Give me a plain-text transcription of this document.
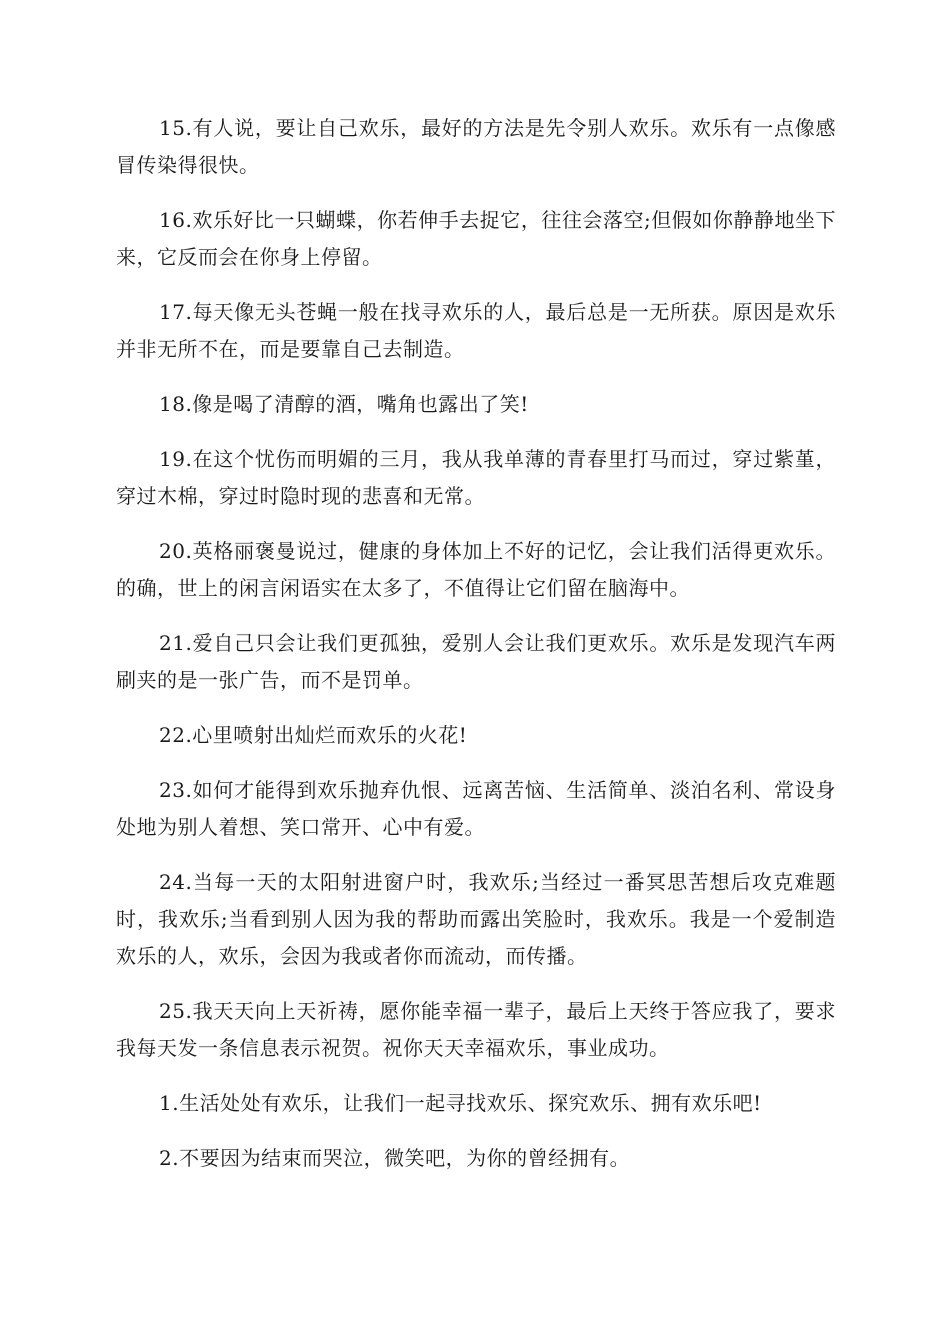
15.有人说，要让自己欢乐，最好的方法是先令别人欢乐。欢乐有一点像感冒传染得很快。

16.欢乐好比一只蝴蝶，你若伸手去捉它，往往会落空;但假如你静静地坐下来，它反而会在你身上停留。

17.每天像无头苍蝇一般在找寻欢乐的人，最后总是一无所获。原因是欢乐并非无所不在，而是要靠自己去制造。

18.像是喝了清醇的酒，嘴角也露出了笑!

19.在这个忧伤而明媚的三月，我从我单薄的青春里打马而过，穿过紫堇，穿过木棉，穿过时隐时现的悲喜和无常。

20.英格丽褒曼说过，健康的身体加上不好的记忆，会让我们活得更欢乐。的确，世上的闲言闲语实在太多了，不值得让它们留在脑海中。

21.爱自己只会让我们更孤独，爱别人会让我们更欢乐。欢乐是发现汽车两刷夹的是一张广告，而不是罚单。

22.心里喷射出灿烂而欢乐的火花!

23.如何才能得到欢乐抛弃仇恨、远离苦恼、生活简单、淡泊名利、常设身处地为别人着想、笑口常开、心中有爱。

24.当每一天的太阳射进窗户时，我欢乐;当经过一番冥思苦想后攻克难题时，我欢乐;当看到别人因为我的帮助而露出笑脸时，我欢乐。我是一个爱制造欢乐的人，欢乐，会因为我或者你而流动，而传播。

25.我天天向上天祈祷，愿你能幸福一辈子，最后上天终于答应我了，要求我每天发一条信息表示祝贺。祝你天天幸福欢乐，事业成功。

1.生活处处有欢乐，让我们一起寻找欢乐、探究欢乐、拥有欢乐吧!

2.不要因为结束而哭泣，微笑吧，为你的曾经拥有。
